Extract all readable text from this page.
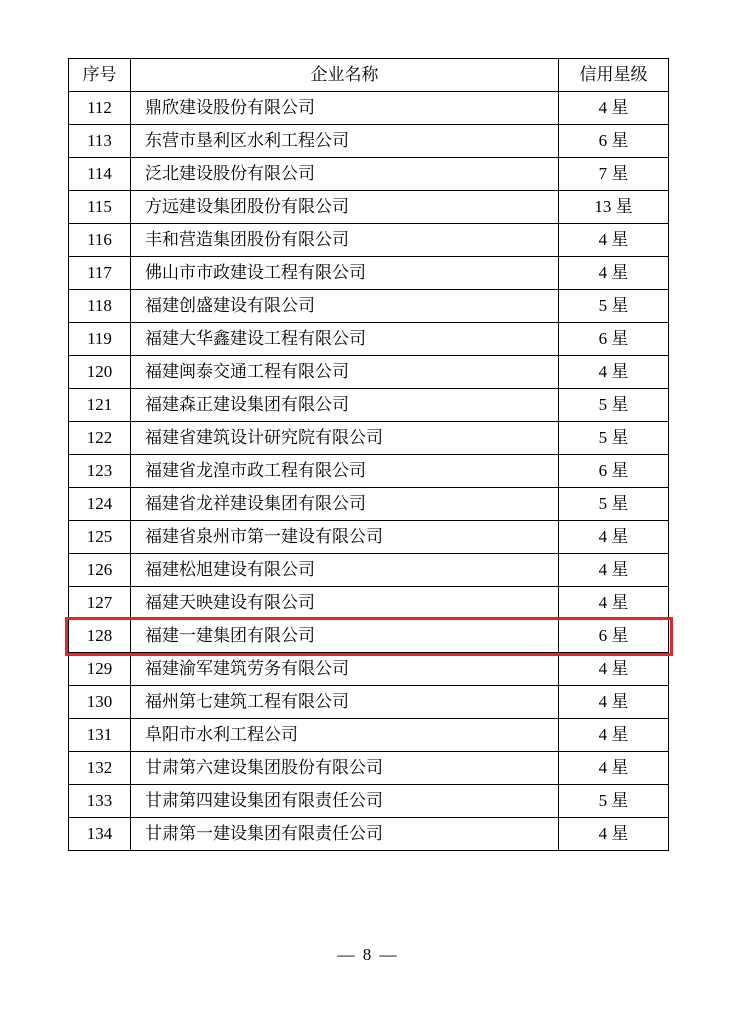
序号	企业名称	信用星级
112	鼎欣建设股份有限公司	4 星
113	东营市垦利区水利工程公司	6 星
114	泛北建设股份有限公司	7 星
115	方远建设集团股份有限公司	13 星
116	丰和营造集团股份有限公司	4 星
117	佛山市市政建设工程有限公司	4 星
118	福建创盛建设有限公司	5 星
119	福建大华鑫建设工程有限公司	6 星
120	福建闽泰交通工程有限公司	4 星
121	福建森正建设集团有限公司	5 星
122	福建省建筑设计研究院有限公司	5 星
123	福建省龙湟市政工程有限公司	6 星
124	福建省龙祥建设集团有限公司	5 星
125	福建省泉州市第一建设有限公司	4 星
126	福建松旭建设有限公司	4 星
127	福建天映建设有限公司	4 星
128	福建一建集团有限公司	6 星
129	福建渝军建筑劳务有限公司	4 星
130	福州第七建筑工程有限公司	4 星
131	阜阳市水利工程公司	4 星
132	甘肃第六建设集团股份有限公司	4 星
133	甘肃第四建设集团有限责任公司	5 星
134	甘肃第一建设集团有限责任公司	4 星
— 8 —
